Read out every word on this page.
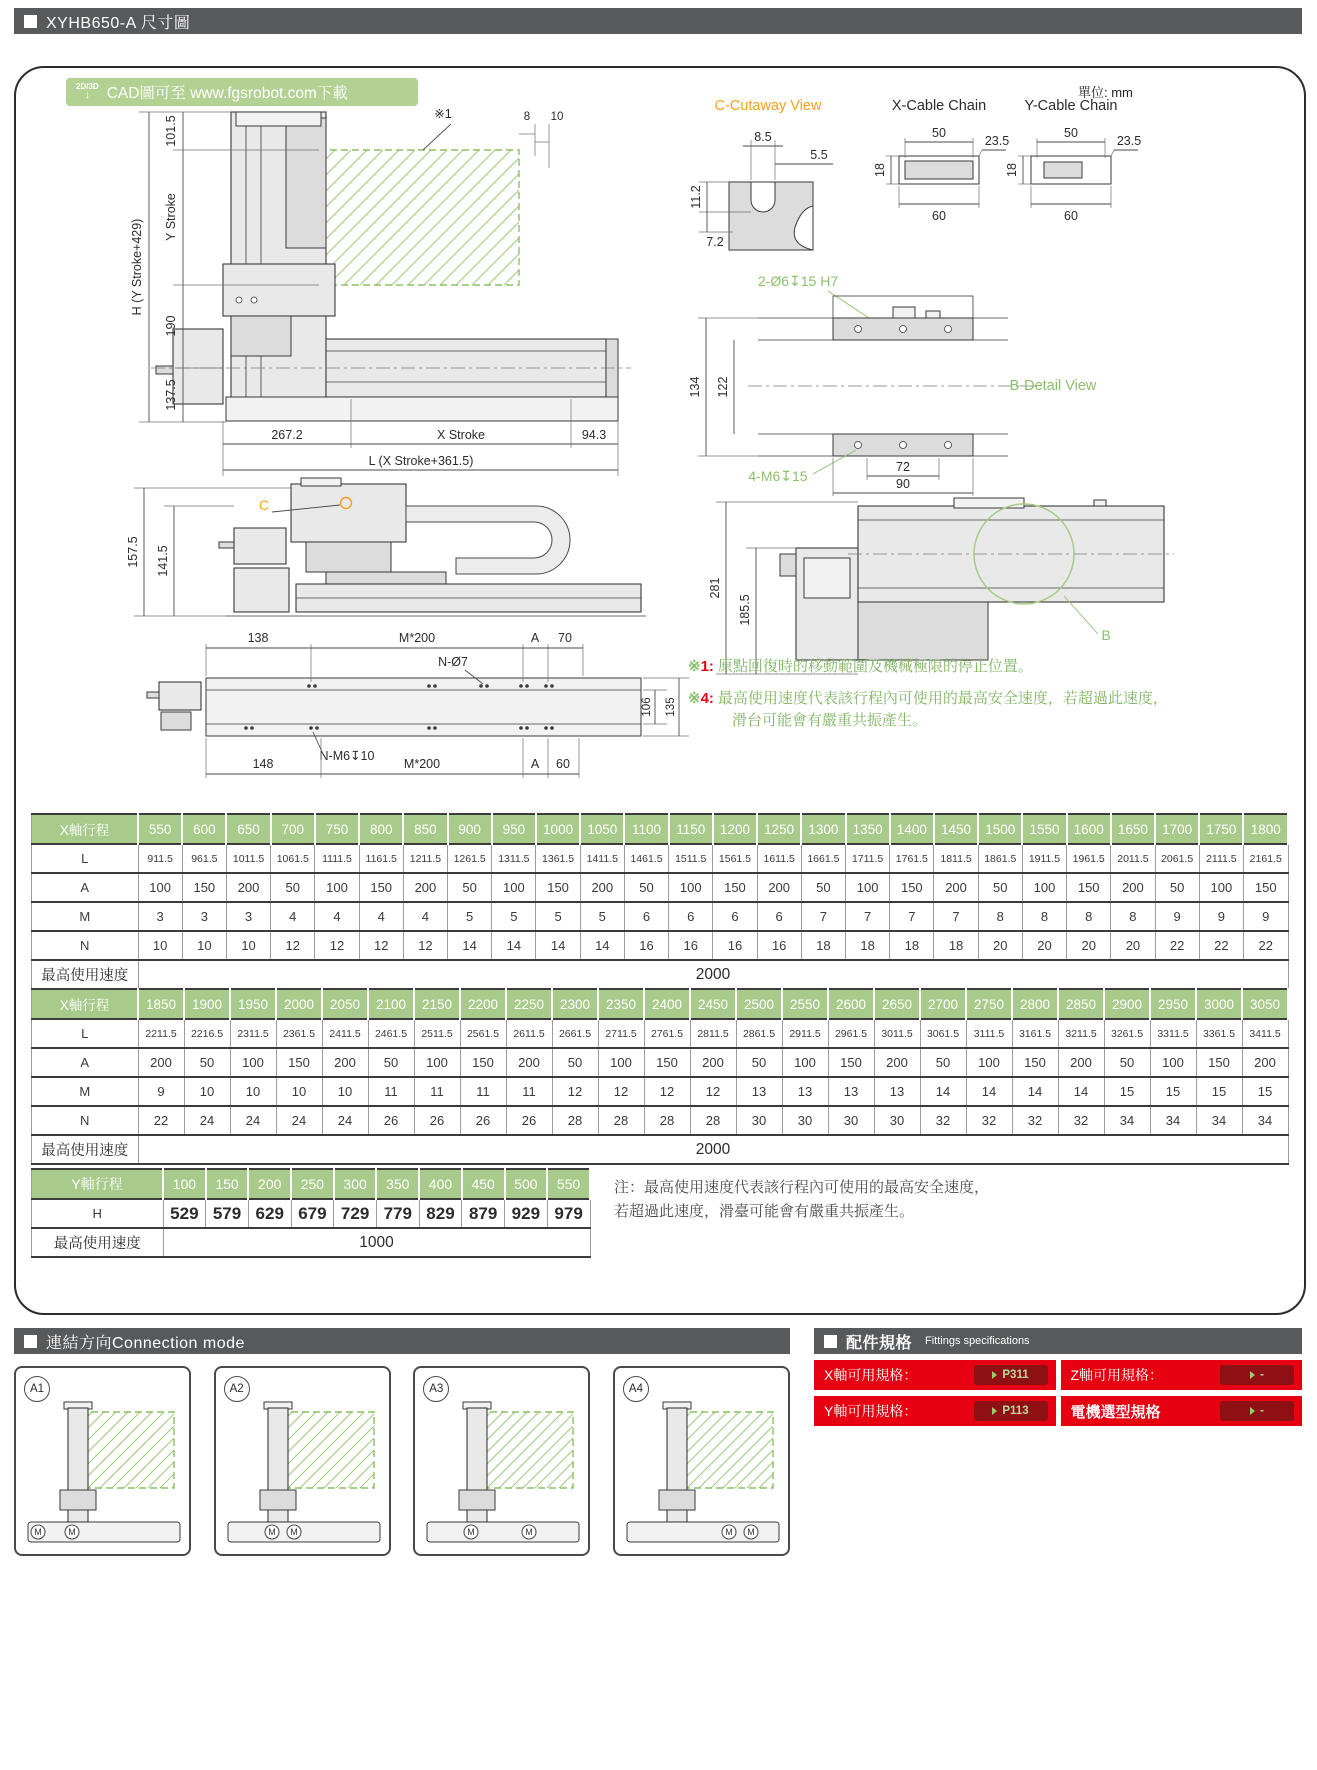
XYHB650-A 尺寸圖
2D/3D
↓ CAD圖可至 www.fgsrobot.com下載	單位: mm
※1	8 10
H (Y Stroke+429)
101.5
Y Stroke
190
137.5
267.2	X Stroke	94.3
L (X Stroke+361.5)
C-Cutaway View
8.5
5.5
11.2
7.2
X-Cable Chain
50
23.5
18
60
Y-Cable Chain
50
23.5
18
60
2-Ø6↧15 H7
B-Detail View
134 122
4-M6↧15
72
90
C
157.5 141.5
B
281
185.5
138	M*200	A 70
N-Ø7
106 135
N-M6↧10
148	M*200	A 60
※1: 原點回復時的移動範圍及機械極限的停止位置。
※4: 最高使用速度代表該行程內可使用的最高安全速度，若超過此速度，
滑台可能會有嚴重共振產生。
X軸行程	550	600	650	700	750	800	850	900	950	1000	1050	1100	1150	1200	1250	1300	1350	1400	1450	1500	1550	1600	1650	1700	1750	1800
L	911.5	961.5	1011.5	1061.5	1111.5	1161.5	1211.5	1261.5	1311.5	1361.5	1411.5	1461.5	1511.5	1561.5	1611.5	1661.5	1711.5	1761.5	1811.5	1861.5	1911.5	1961.5	2011.5	2061.5	2111.5	2161.5
A	100	150	200	50	100	150	200	50	100	150	200	50	100	150	200	50	100	150	200	50	100	150	200	50	100	150
M	3	3	3	4	4	4	4	5	5	5	5	6	6	6	6	7	7	7	7	8	8	8	8	9	9	9
N	10	10	10	12	12	12	12	14	14	14	14	16	16	16	16	18	18	18	18	20	20	20	20	22	22	22
最高使用速度	2000																									
X軸行程	1850	1900	1950	2000	2050	2100	2150	2200	2250	2300	2350	2400	2450	2500	2550	2600	2650	2700	2750	2800	2850	2900	2950	3000	3050
L	2211.5	2216.5	2311.5	2361.5	2411.5	2461.5	2511.5	2561.5	2611.5	2661.5	2711.5	2761.5	2811.5	2861.5	2911.5	2961.5	3011.5	3061.5	3111.5	3161.5	3211.5	3261.5	3311.5	3361.5	3411.5
A	200	50	100	150	200	50	100	150	200	50	100	150	200	50	100	150	200	50	100	150	200	50	100	150	200
M	9	10	10	10	10	11	11	11	11	12	12	12	12	13	13	13	13	14	14	14	14	15	15	15	15
N	22	24	24	24	24	26	26	26	26	28	28	28	28	30	30	30	30	32	32	32	32	34	34	34	34
最高使用速度	2000																								
Y軸行程	100	150	200	250	300	350	400	450	500	550
H	529	579	629	679	729	779	829	879	929	979
最高使用速度	1000									
注：最高使用速度代表該行程內可使用的最高安全速度，
若超過此速度，滑臺可能會有嚴重共振產生。
連結方向Connection mode
A1
M	M
A2
M M
A3
M	M
A4
M M
配件規格 Fittings specifications
X軸可用規格：	P311	Z軸可用規格：	-
Y軸可用規格：	P113	電機選型規格	-
